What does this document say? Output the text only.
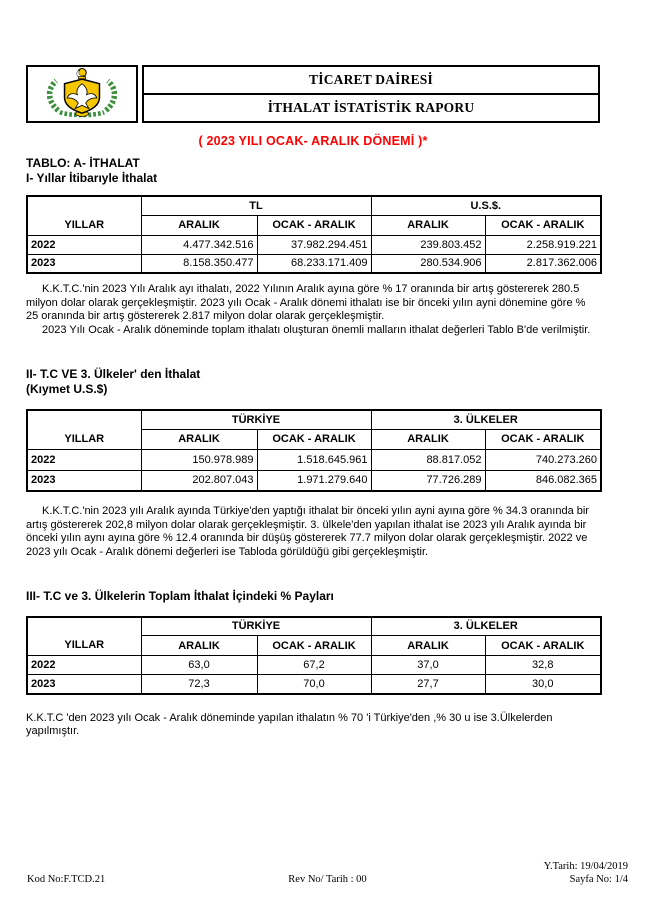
TİCARET DAİRESİ
İTHALAT İSTATİSTİK RAPORU
( 2023 YILI OCAK- ARALIK DÖNEMİ )*
TABLO: A- İTHALAT
I- Yıllar İtibarıyle İthalat
YILLAR	TL		U.S.$.	
	ARALIK	OCAK - ARALIK	ARALIK	OCAK - ARALIK
2022	4.477.342.516	37.982.294.451	239.803.452	2.258.919.221
2023	8.158.350.477	68.233.171.409	280.534.906	2.817.362.006
K.K.T.C.'nin 2023 Yılı Aralık ayı ithalatı, 2022 Yılının Aralık ayına göre % 17 oranında bir artış göstererek 280.5 milyon dolar olarak gerçekleşmiştir. 2023 yılı Ocak - Aralık dönemi ithalatı ise bir önceki yılın ayni dönemine göre % 25 oranında bir artış göstererek 2.817 milyon dolar olarak gerçekleşmiştir.
2023 Yılı Ocak - Aralık döneminde toplam ithalatı oluşturan önemli malların ithalat değerleri Tablo B'de verilmiştir.
II- T.C VE 3. Ülkeler' den İthalat
(Kıymet U.S.$)
YILLAR	TÜRKİYE		3. ÜLKELER	
	ARALIK	OCAK - ARALIK	ARALIK	OCAK - ARALIK
2022	150.978.989	1.518.645.961	88.817.052	740.273.260
2023	202.807.043	1.971.279.640	77.726.289	846.082.365
K.K.T.C.'nin 2023 yılı Aralık ayında Türkiye'den yaptığı ithalat bir önceki yılın ayni ayına göre % 34.3 oranında bir artış göstererek 202,8 milyon dolar olarak gerçekleşmiştir. 3. ülkele'den yapılan ithalat ise 2023 yılı Aralık ayında bir önceki yılın aynı ayına göre % 12.4 oranında bir düşüş göstererek 77.7 milyon dolar olarak gerçekleşmiştir. 2022 ve 2023 yılı Ocak - Aralık dönemi değerleri ise Tabloda görüldüğü gibi gerçekleşmiştir.
III- T.C ve 3. Ülkelerin Toplam İthalat İçindeki % Payları
YILLAR	TÜRKİYE		3. ÜLKELER	
	ARALIK	OCAK - ARALIK	ARALIK	OCAK - ARALIK
2022	63,0	67,2	37,0	32,8
2023	72,3	70,0	27,7	30,0
K.K.T.C 'den 2023 yılı Ocak - Aralık döneminde yapılan ithalatın % 70 'i Türkiye'den ,% 30 u ise 3.Ülkelerden yapılmıştır.
Kod No:F.TCD.21	Rev No/ Tarih : 00
Y.Tarih: 19/04/2019
Sayfa No: 1/4
